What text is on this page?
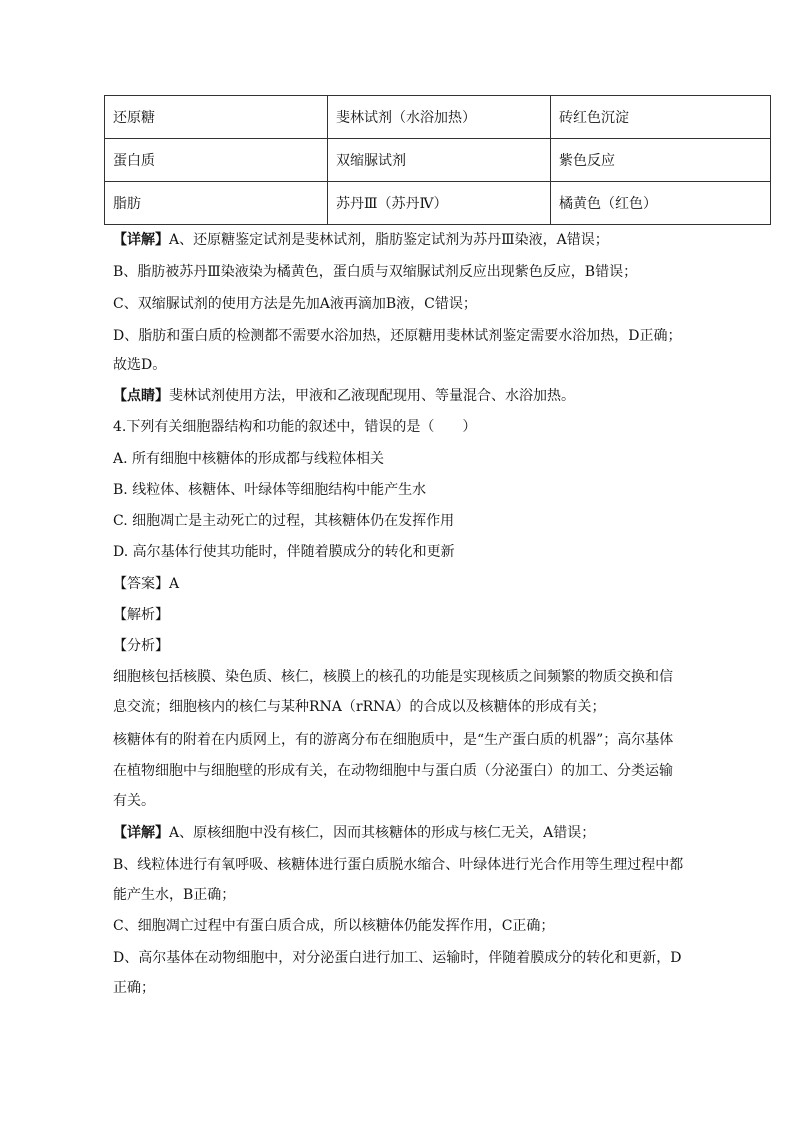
还原糖	斐林试剂（水浴加热）	砖红色沉淀
蛋白质	双缩脲试剂	紫色反应
脂肪	苏丹Ⅲ（苏丹Ⅳ）	橘黄色（红色）
【详解】A、还原糖鉴定试剂是斐林试剂，脂肪鉴定试剂为苏丹Ⅲ染液，A错误；
B、脂肪被苏丹Ⅲ染液染为橘黄色，蛋白质与双缩脲试剂反应出现紫色反应，B错误；
C、双缩脲试剂的使用方法是先加A液再滴加B液，C错误；
D、脂肪和蛋白质的检测都不需要水浴加热，还原糖用斐林试剂鉴定需要水浴加热，D正确；
故选D。
【点睛】斐林试剂使用方法，甲液和乙液现配现用、等量混合、水浴加热。
4.下列有关细胞器结构和功能的叙述中，错误的是（　　）
A. 所有细胞中核糖体的形成都与线粒体相关
B. 线粒体、核糖体、叶绿体等细胞结构中能产生水
C. 细胞凋亡是主动死亡的过程，其核糖体仍在发挥作用
D. 高尔基体行使其功能时，伴随着膜成分的转化和更新
【答案】A
【解析】
【分析】
细胞核包括核膜、染色质、核仁，核膜上的核孔的功能是实现核质之间频繁的物质交换和信
息交流；细胞核内的核仁与某种RNA（rRNA）的合成以及核糖体的形成有关；
核糖体有的附着在内质网上，有的游离分布在细胞质中，是“生产蛋白质的机器”；高尔基体
在植物细胞中与细胞壁的形成有关，在动物细胞中与蛋白质（分泌蛋白）的加工、分类运输
有关。
【详解】A、原核细胞中没有核仁，因而其核糖体的形成与核仁无关，A错误；
B、线粒体进行有氧呼吸、核糖体进行蛋白质脱水缩合、叶绿体进行光合作用等生理过程中都
能产生水，B正确；
C、细胞凋亡过程中有蛋白质合成，所以核糖体仍能发挥作用，C正确；
D、高尔基体在动物细胞中，对分泌蛋白进行加工、运输时，伴随着膜成分的转化和更新，D
正确；
